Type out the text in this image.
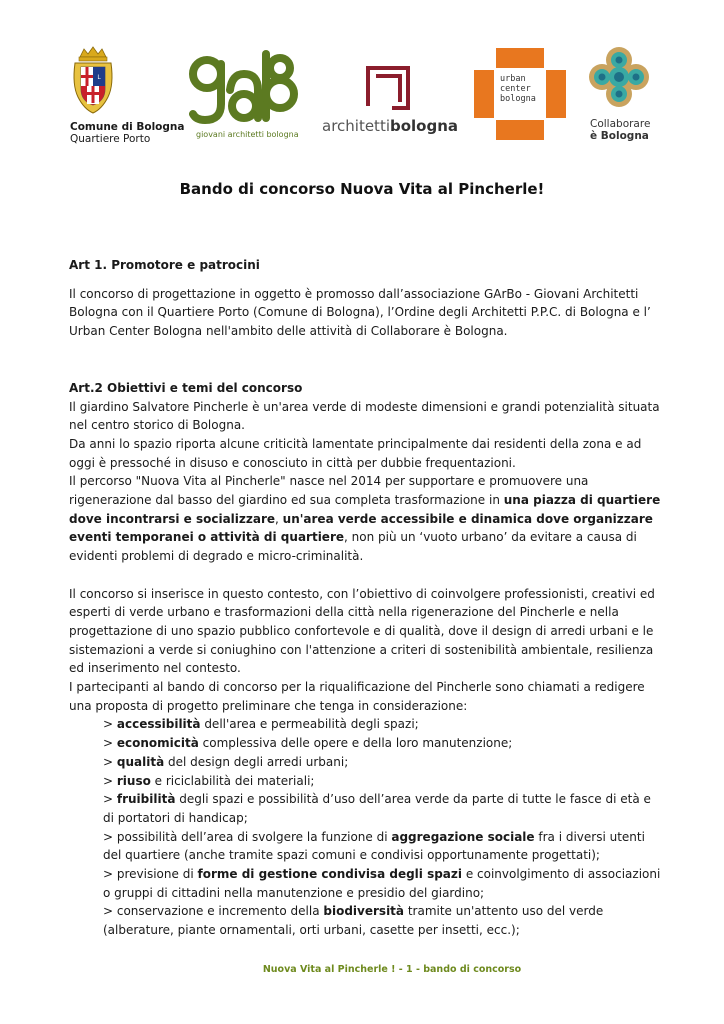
L
Comune di Bologna
Quartiere Porto	giovani architetti bologna architettibologna
urban
center
bologna
Collaborare
è Bologna
Bando di concorso Nuova Vita al Pincherle!

Art 1. Promotore e patrocini

Il concorso di progettazione in oggetto è promosso dall’associazione GArBo - Giovani Architetti Bologna con il Quartiere Porto (Comune di Bologna), l’Ordine degli Architetti P.P.C. di Bologna e l’ Urban Center Bologna nell'ambito delle attività di Collaborare è Bologna.

Art.2 Obiettivi e temi del concorso

Il giardino Salvatore Pincherle è un'area verde di modeste dimensioni e grandi potenzialità situata nel centro storico di Bologna.

Da anni lo spazio riporta alcune criticità lamentate principalmente dai residenti della zona e ad oggi è pressoché in disuso e conosciuto in città per dubbie frequentazioni.

Il percorso "Nuova Vita al Pincherle" nasce nel 2014 per supportare e promuovere una rigenerazione dal basso del giardino ed sua completa trasformazione in una piazza di quartiere dove incontrarsi e socializzare, un'area verde accessibile e dinamica dove organizzare eventi temporanei o attività di quartiere, non più un ‘vuoto urbano’ da evitare a causa di evidenti problemi di degrado e micro-criminalità.

Il concorso si inserisce in questo contesto, con l’obiettivo di coinvolgere professionisti, creativi ed esperti di verde urbano e trasformazioni della città nella rigenerazione del Pincherle e nella progettazione di uno spazio pubblico confortevole e di qualità, dove il design di arredi urbani e le sistemazioni a verde si coniughino con l'attenzione a criteri di sostenibilità ambientale, resilienza ed inserimento nel contesto.

I partecipanti al bando di concorso per la riqualificazione del Pincherle sono chiamati a redigere una proposta di progetto preliminare che tenga in considerazione:

> accessibilità dell'area e permeabilità degli spazi;

> economicità complessiva delle opere e della loro manutenzione;

> qualità del design degli arredi urbani;

> riuso e riciclabilità dei materiali;

> fruibilità degli spazi e possibilità d’uso dell’area verde da parte di tutte le fasce di età e di portatori di handicap;

> possibilità dell’area di svolgere la funzione di aggregazione sociale fra i diversi utenti del quartiere (anche tramite spazi comuni e condivisi opportunamente progettati);

> previsione di forme di gestione condivisa degli spazi e coinvolgimento di associazioni o gruppi di cittadini nella manutenzione e presidio del giardino;

> conservazione e incremento della biodiversità tramite un'attento uso del verde (alberature, piante ornamentali, orti urbani, casette per insetti, ecc.);

Nuova Vita al Pincherle ! - 1 - bando di concorso
